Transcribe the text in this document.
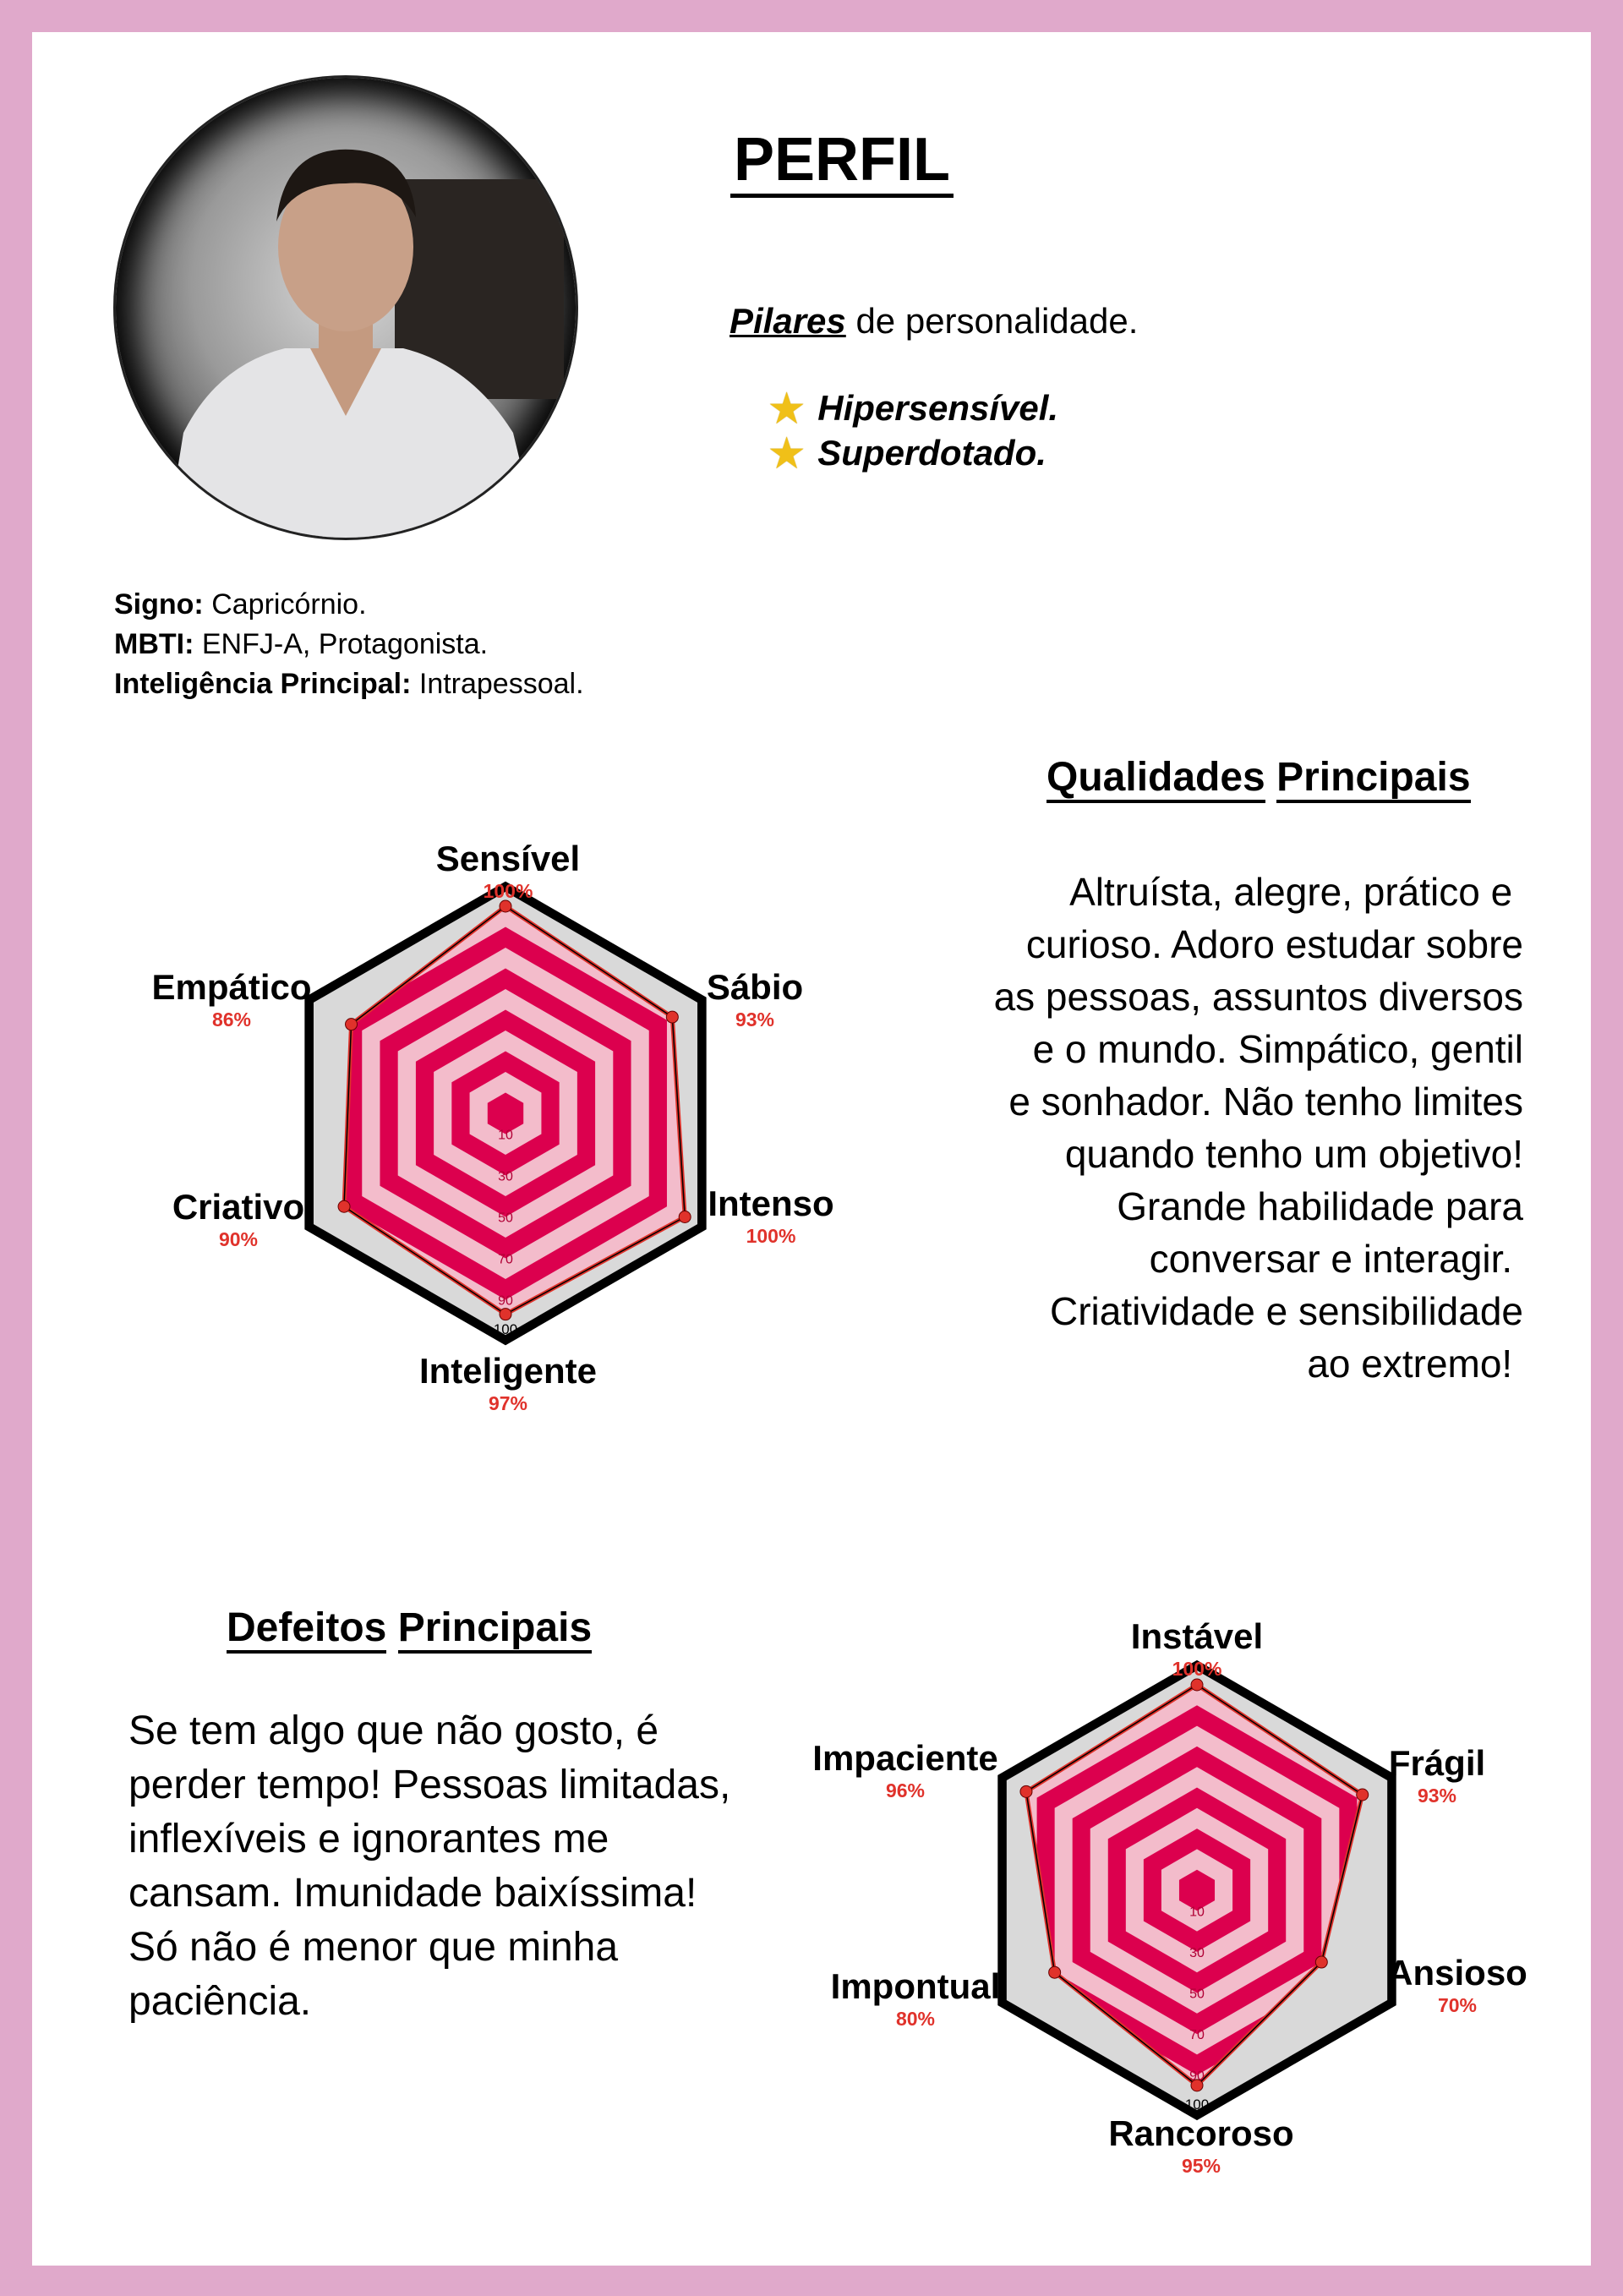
PERFIL
Pilares de personalidade.
★ Hipersensível.
★ Superdotado.
Signo: Capricórnio.
MBTI: ENFJ-A, Protagonista.
Inteligência Principal: Intrapessoal.
Qualidades Principais
Altruísta, alegre, prático e
curioso. Adoro estudar sobre
as pessoas, assuntos diversos
e o mundo. Simpático, gentil
e sonhador. Não tenho limites
quando tenho um objetivo!
Grande habilidade para
conversar e interagir.
Criatividade e sensibilidade
ao extremo!
Defeitos Principais
Se tem algo que não gosto, é
perder tempo! Pessoas limitadas,
inflexíveis e ignorantes me
cansam. Imunidade baixíssima!
Só não é menor que minha
paciência.
10
30
50
70
90
100
Sensível
100%
Sábio
93%
Intenso
100%
Inteligente
97%
Criativo
90%
Empático
86%
10
30
50
70
90
100
Instável
100%
Frágil
93%
Ansioso
70%
Rancoroso
95%
Impontual
80%
Impaciente
96%
